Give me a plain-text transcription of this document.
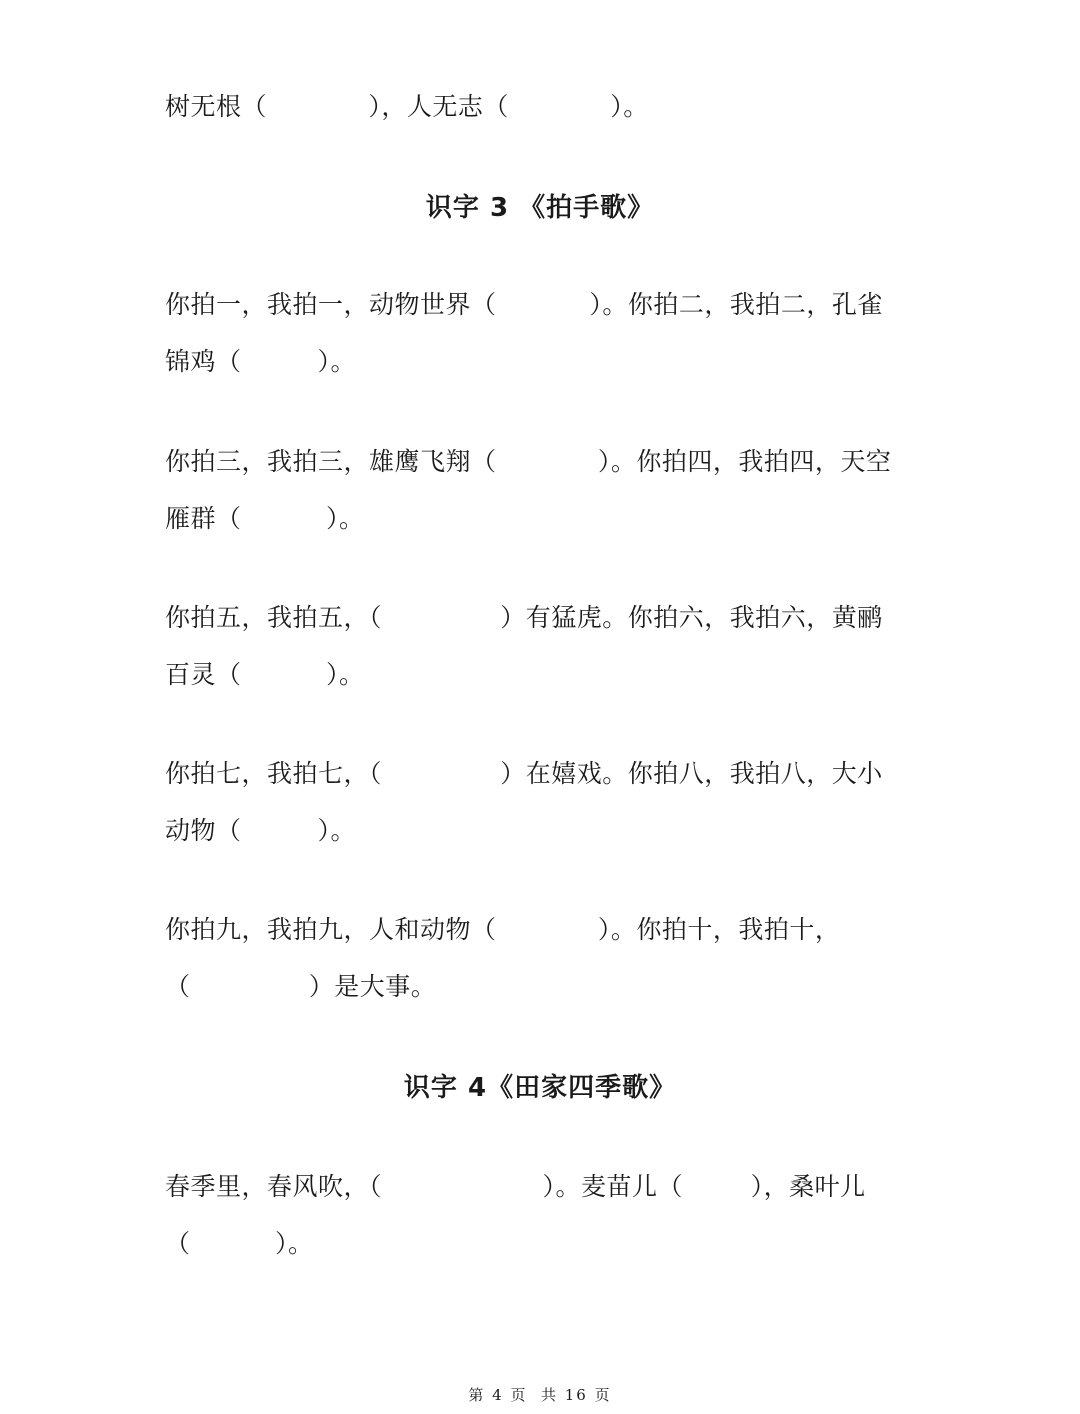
树无根（            ），人无志（            ）。
识字 3 《拍手歌》
你拍一，我拍一，动物世界（           ）。你拍二，我拍二，孔雀
锦鸡（         ）。
你拍三，我拍三，雄鹰飞翔（            ）。你拍四，我拍四，天空
雁群（          ）。
你拍五，我拍五，（              ）有猛虎。你拍六，我拍六，黄鹂
百灵（          ）。
你拍七，我拍七，（              ）在嬉戏。你拍八，我拍八，大小
动物（         ）。
你拍九，我拍九，人和动物（            ）。你拍十，我拍十，
（              ）是大事。
识字 4《田家四季歌》
春季里，春风吹，（                   ）。麦苗儿（        ），桑叶儿
（          ）。
第 4 页  共 16 页
